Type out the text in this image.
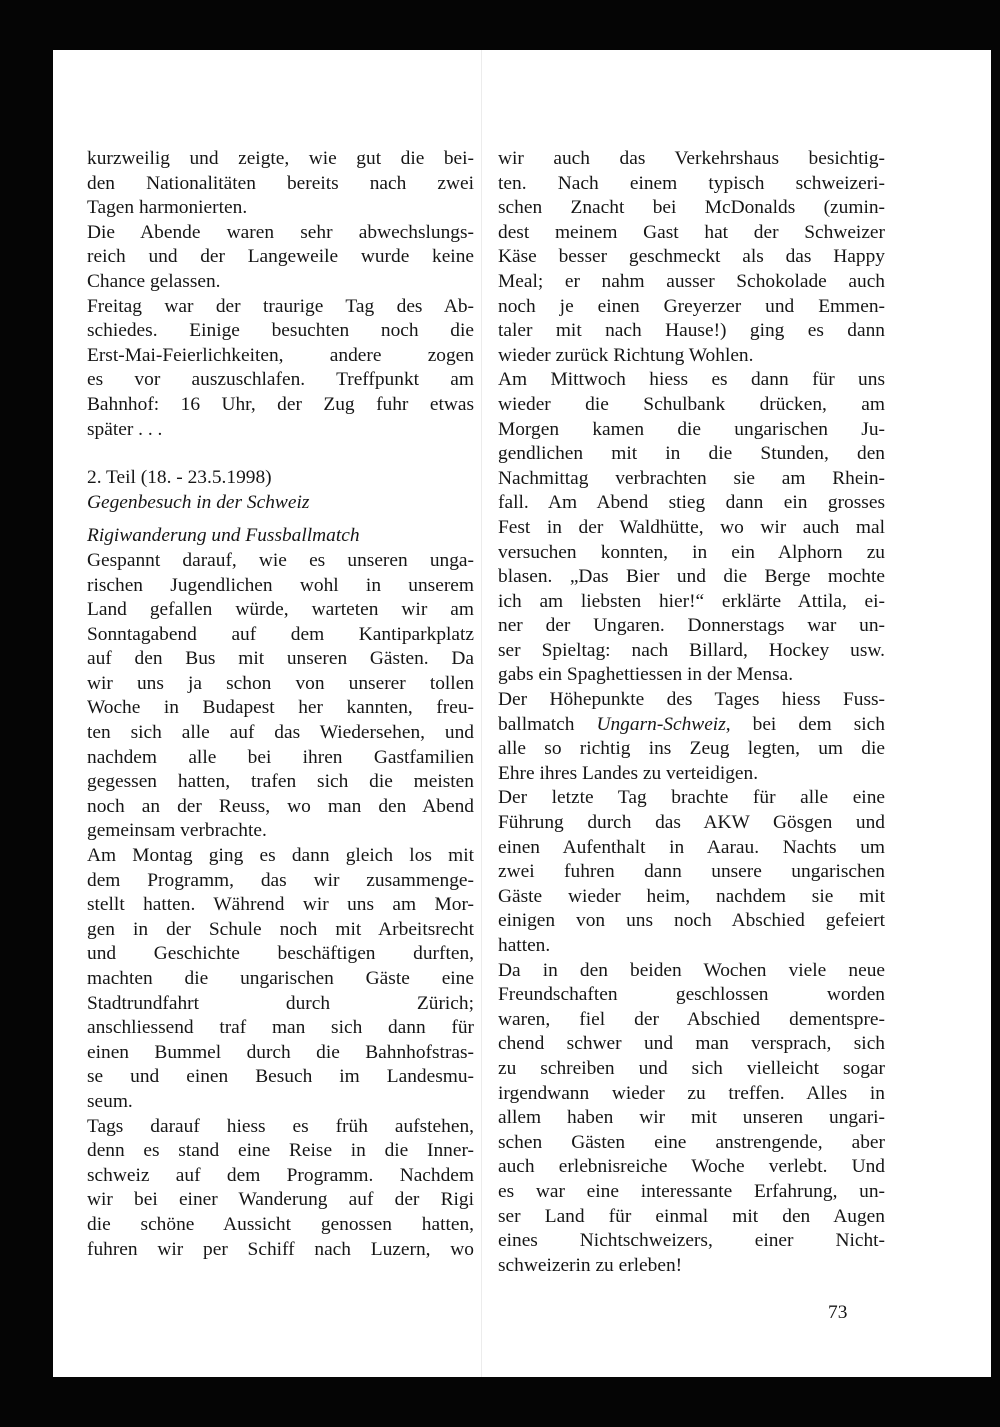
kurzweilig und zeigte, wie gut die bei-
den Nationalitäten bereits nach zwei
Tagen harmonierten.
Die Abende waren sehr abwechslungs-
reich und der Langeweile wurde keine
Chance gelassen.
Freitag war der traurige Tag des Ab-
schiedes. Einige besuchten noch die
Erst-Mai-Feierlichkeiten, andere zogen
es vor auszuschlafen. Treffpunkt am
Bahnhof: 16 Uhr, der Zug fuhr etwas
später . . .
2. Teil (18. - 23.5.1998)
Gegenbesuch in der Schweiz
Rigiwanderung und Fussballmatch
Gespannt darauf, wie es unseren unga-
rischen Jugendlichen wohl in unserem
Land gefallen würde, warteten wir am
Sonntagabend auf dem Kantiparkplatz
auf den Bus mit unseren Gästen. Da
wir uns ja schon von unserer tollen
Woche in Budapest her kannten, freu-
ten sich alle auf das Wiedersehen, und
nachdem alle bei ihren Gastfamilien
gegessen hatten, trafen sich die meisten
noch an der Reuss, wo man den Abend
gemeinsam verbrachte.
Am Montag ging es dann gleich los mit
dem Programm, das wir zusammenge-
stellt hatten. Während wir uns am Mor-
gen in der Schule noch mit Arbeitsrecht
und Geschichte beschäftigen durften,
machten die ungarischen Gäste eine
Stadtrundfahrt durch Zürich;
anschliessend traf man sich dann für
einen Bummel durch die Bahnhofstras-
se und einen Besuch im Landesmu-
seum.
Tags darauf hiess es früh aufstehen,
denn es stand eine Reise in die Inner-
schweiz auf dem Programm. Nachdem
wir bei einer Wanderung auf der Rigi
die schöne Aussicht genossen hatten,
fuhren wir per Schiff nach Luzern, wo
wir auch das Verkehrshaus besichtig-
ten. Nach einem typisch schweizeri-
schen Znacht bei McDonalds (zumin-
dest meinem Gast hat der Schweizer
Käse besser geschmeckt als das Happy
Meal; er nahm ausser Schokolade auch
noch je einen Greyerzer und Emmen-
taler mit nach Hause!) ging es dann
wieder zurück Richtung Wohlen.
Am Mittwoch hiess es dann für uns
wieder die Schulbank drücken, am
Morgen kamen die ungarischen Ju-
gendlichen mit in die Stunden, den
Nachmittag verbrachten sie am Rhein-
fall. Am Abend stieg dann ein grosses
Fest in der Waldhütte, wo wir auch mal
versuchen konnten, in ein Alphorn zu
blasen. „Das Bier und die Berge mochte
ich am liebsten hier!“ erklärte Attila, ei-
ner der Ungaren. Donnerstags war un-
ser Spieltag: nach Billard, Hockey usw.
gabs ein Spaghettiessen in der Mensa.
Der Höhepunkte des Tages hiess Fuss-
ballmatch Ungarn-Schweiz, bei dem sich
alle so richtig ins Zeug legten, um die
Ehre ihres Landes zu verteidigen.
Der letzte Tag brachte für alle eine
Führung durch das AKW Gösgen und
einen Aufenthalt in Aarau. Nachts um
zwei fuhren dann unsere ungarischen
Gäste wieder heim, nachdem sie mit
einigen von uns noch Abschied gefeiert
hatten.
Da in den beiden Wochen viele neue
Freundschaften geschlossen worden
waren, fiel der Abschied dementspre-
chend schwer und man versprach, sich
zu schreiben und sich vielleicht sogar
irgendwann wieder zu treffen. Alles in
allem haben wir mit unseren ungari-
schen Gästen eine anstrengende, aber
auch erlebnisreiche Woche verlebt. Und
es war eine interessante Erfahrung, un-
ser Land für einmal mit den Augen
eines Nichtschweizers, einer Nicht-
schweizerin zu erleben!
73
